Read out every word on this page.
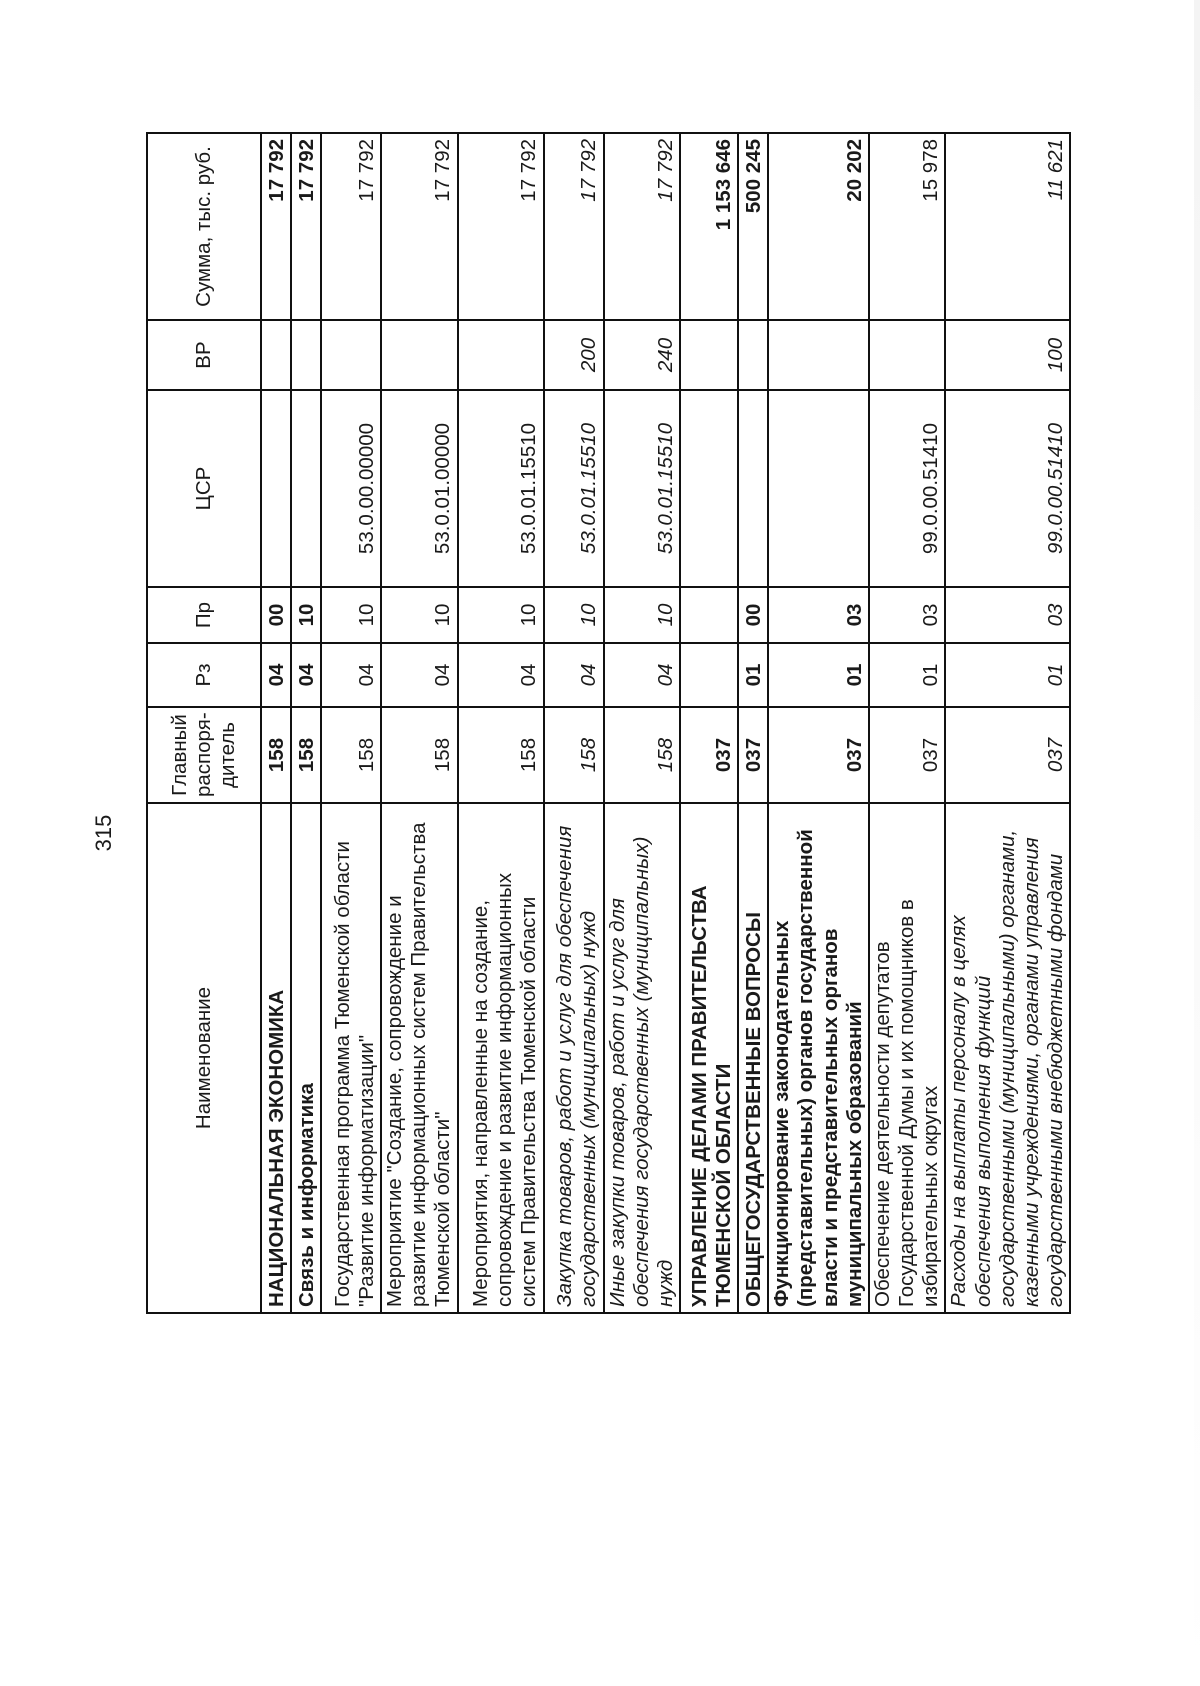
315
Наименование	Главный распоря-дитель	Рз	Пр	ЦСР	ВР	Сумма, тыс. руб.
НАЦИОНАЛЬНАЯ ЭКОНОМИКА	158	04	00			17 792
Связь и информатика	158	04	10			17 792
Государственная программа Тюменской области "Развитие информатизации"	158	04	10	53.0.00.00000		17 792
Мероприятие "Создание, сопровождение и развитие информационных систем Правительства Тюменской области"	158	04	10	53.0.01.00000		17 792
Мероприятия, направленные на создание, сопровождение и развитие информационных систем Правительства Тюменской области	158	04	10	53.0.01.15510		17 792
Закупка товаров, работ и услуг для обеспечения государственных (муниципальных) нужд	158	04	10	53.0.01.15510	200	17 792
Иные закупки товаров, работ и услуг для обеспечения государственных (муниципальных) нужд	158	04	10	53.0.01.15510	240	17 792
УПРАВЛЕНИЕ ДЕЛАМИ ПРАВИТЕЛЬСТВА ТЮМЕНСКОЙ ОБЛАСТИ	037					1 153 646
ОБЩЕГОСУДАРСТВЕННЫЕ ВОПРОСЫ	037	01	00			500 245
Функционирование законодательных (представительных) органов государственной власти и представительных органов муниципальных образований	037	01	03			20 202
Обеспечение деятельности депутатов Государственной Думы и их помощников в избирательных округах	037	01	03	99.0.00.51410		15 978
Расходы на выплаты персоналу в целях обеспечения выполнения функций государственными (муниципальными) органами, казенными учреждениями, органами управления государственными внебюджетными фондами	037	01	03	99.0.00.51410	100	11 621
